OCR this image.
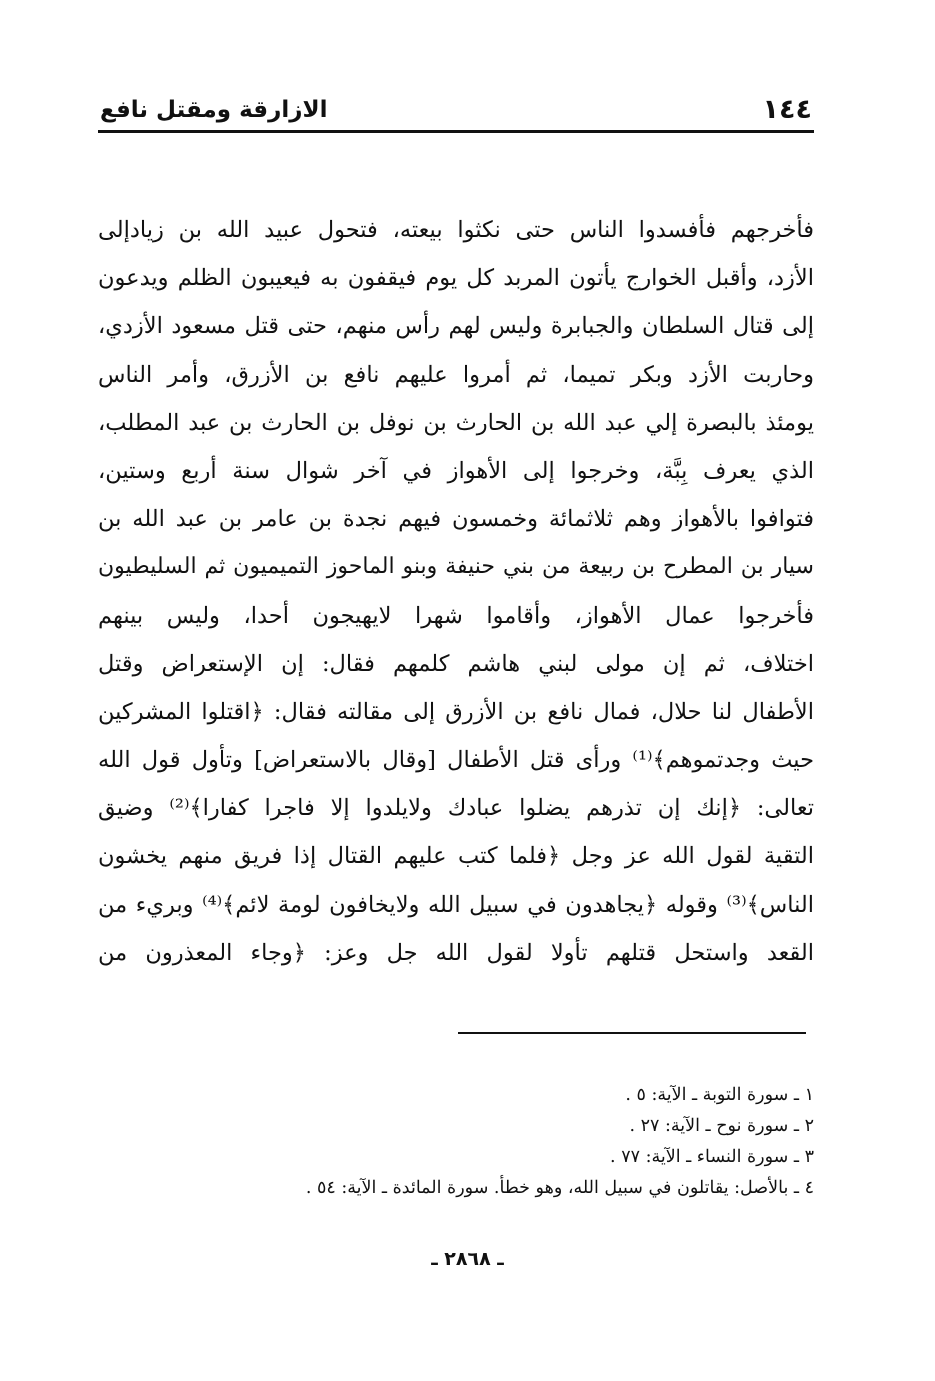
١٤٤
الازارقة ومقتل نافع
فأخرجهم فأفسدوا الناس حتى نكثوا بيعته، فتحول عبيد الله بن زيادإلى
الأزد، وأقبل الخوارج يأتون المربد كل يوم فيقفون به فيعيبون الظلم ويدعون
إلى قتال السلطان والجبابرة وليس لهم رأس منهم، حتى قتل مسعود الأزدي،
وحاربت الأزد وبكر تميما، ثم أمروا عليهم نافع بن الأزرق، وأمر الناس
يومئذ بالبصرة إلي عبد الله بن الحارث بن نوفل بن الحارث بن عبد المطلب،
الذي يعرف بِبَّة، وخرجوا إلى الأهواز في آخر شوال سنة أربع وستين،
فتوافوا بالأهواز وهم ثلاثمائة وخمسون فيهم نجدة بن عامر بن عبد الله بن
سيار بن المطرح بن ربيعة من بني حنيفة وبنو الماحوز التميميون ثم السليطيون
فأخرجوا عمال الأهواز، وأقاموا شهرا لايهيجون أحدا، وليس بينهم
اختلاف، ثم إن مولى لبني هاشم كلمهم فقال: إن الإستعراض وقتل
الأطفال لنا حلال، فمال نافع بن الأزرق إلى مقالته فقال: ﴿اقتلوا المشركين
حيث وجدتموهم﴾⁽¹⁾ ورأى قتل الأطفال [وقال بالاستعراض] وتأول قول الله
تعالى: ﴿إنك إن تذرهم يضلوا عبادك ولايلدوا إلا فاجرا كفارا﴾⁽²⁾ وضيق
التقية لقول الله عز وجل ﴿فلما كتب عليهم القتال إذا فريق منهم يخشون
الناس﴾⁽³⁾ وقوله ﴿يجاهدون في سبيل الله ولايخافون لومة لائم﴾⁽⁴⁾ وبريء من
القعد واستحل قتلهم تأولا لقول الله جل وعز: ﴿وجاء المعذرون من
١ ـ سورة التوبة ـ الآية: ٥ .
٢ ـ سورة نوح ـ الآية: ٢٧ .
٣ ـ سورة النساء ـ الآية: ٧٧ .
٤ ـ بالأصل: يقاتلون في سبيل الله، وهو خطأ. سورة المائدة ـ الآية: ٥٤ .
ـ ٢٨٦٨ ـ
